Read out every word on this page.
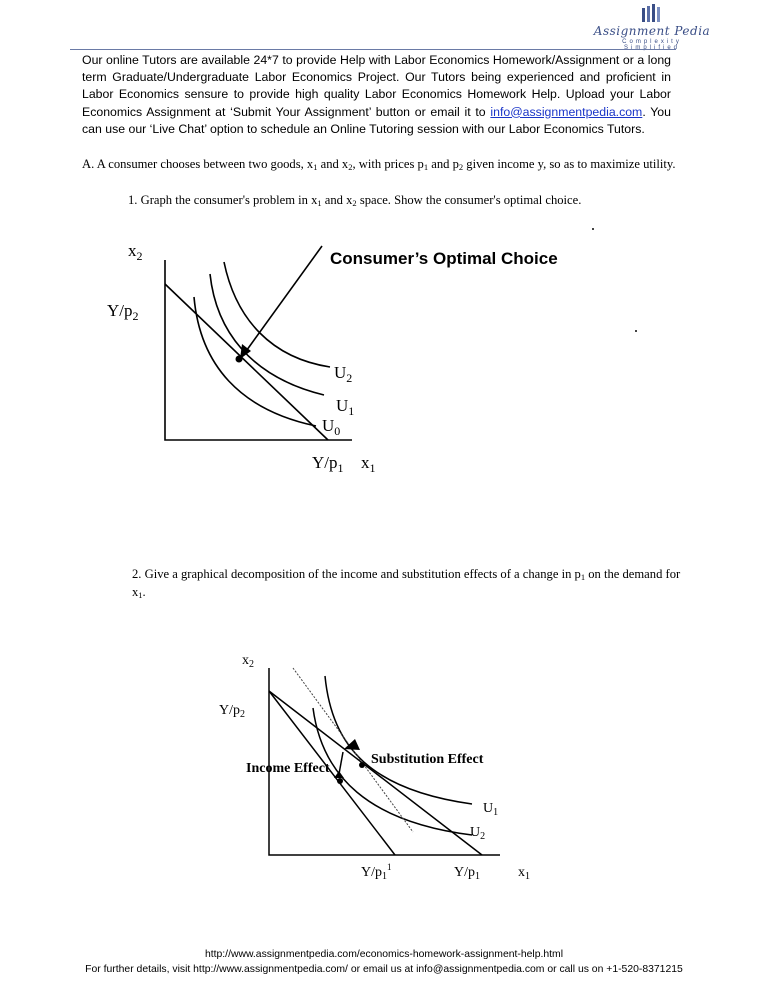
Assignment Pedia
Complexity Simplified
Our online Tutors are available 24*7 to provide Help with Labor Economics Homework/Assignment or a long term Graduate/Undergraduate Labor Economics Project. Our Tutors being experienced and proficient in Labor Economics sensure to provide high quality Labor Economics Homework Help. Upload your Labor Economics Assignment at ‘Submit Your Assignment’ button or email it to info@assignmentpedia.com. You can use our ‘Live Chat’ option to schedule an Online Tutoring session with our Labor Economics Tutors.
A. A consumer chooses between two goods, $x_1$ and $x_2$, with prices $p_1$ and $p_2$ given income y, so as to maximize utility.
1. Graph the consumer's problem in $x_1$ and $x_2$ space. Show the consumer's optimal choice.
$x_2$
$Y/p_2$
Consumer’s Optimal Choice
$U_2$
$U_1$
$U_0$
$Y/p_1$ $x_1$
$x_2$
$Y/p_2$
Substitution Effect
Income Effect
$U_1$
$U_2$
$Y/p_1^1$	$Y/p_1$	$x_1$
2. Give a graphical decomposition of the income and substitution effects of a change in $p_1$ on the demand for $x_1$.
http://www.assignmentpedia.com/economics-homework-assignment-help.html
For further details, visit http://www.assignmentpedia.com/ or email us at info@assignmentpedia.com or call us on +1-520-8371215
